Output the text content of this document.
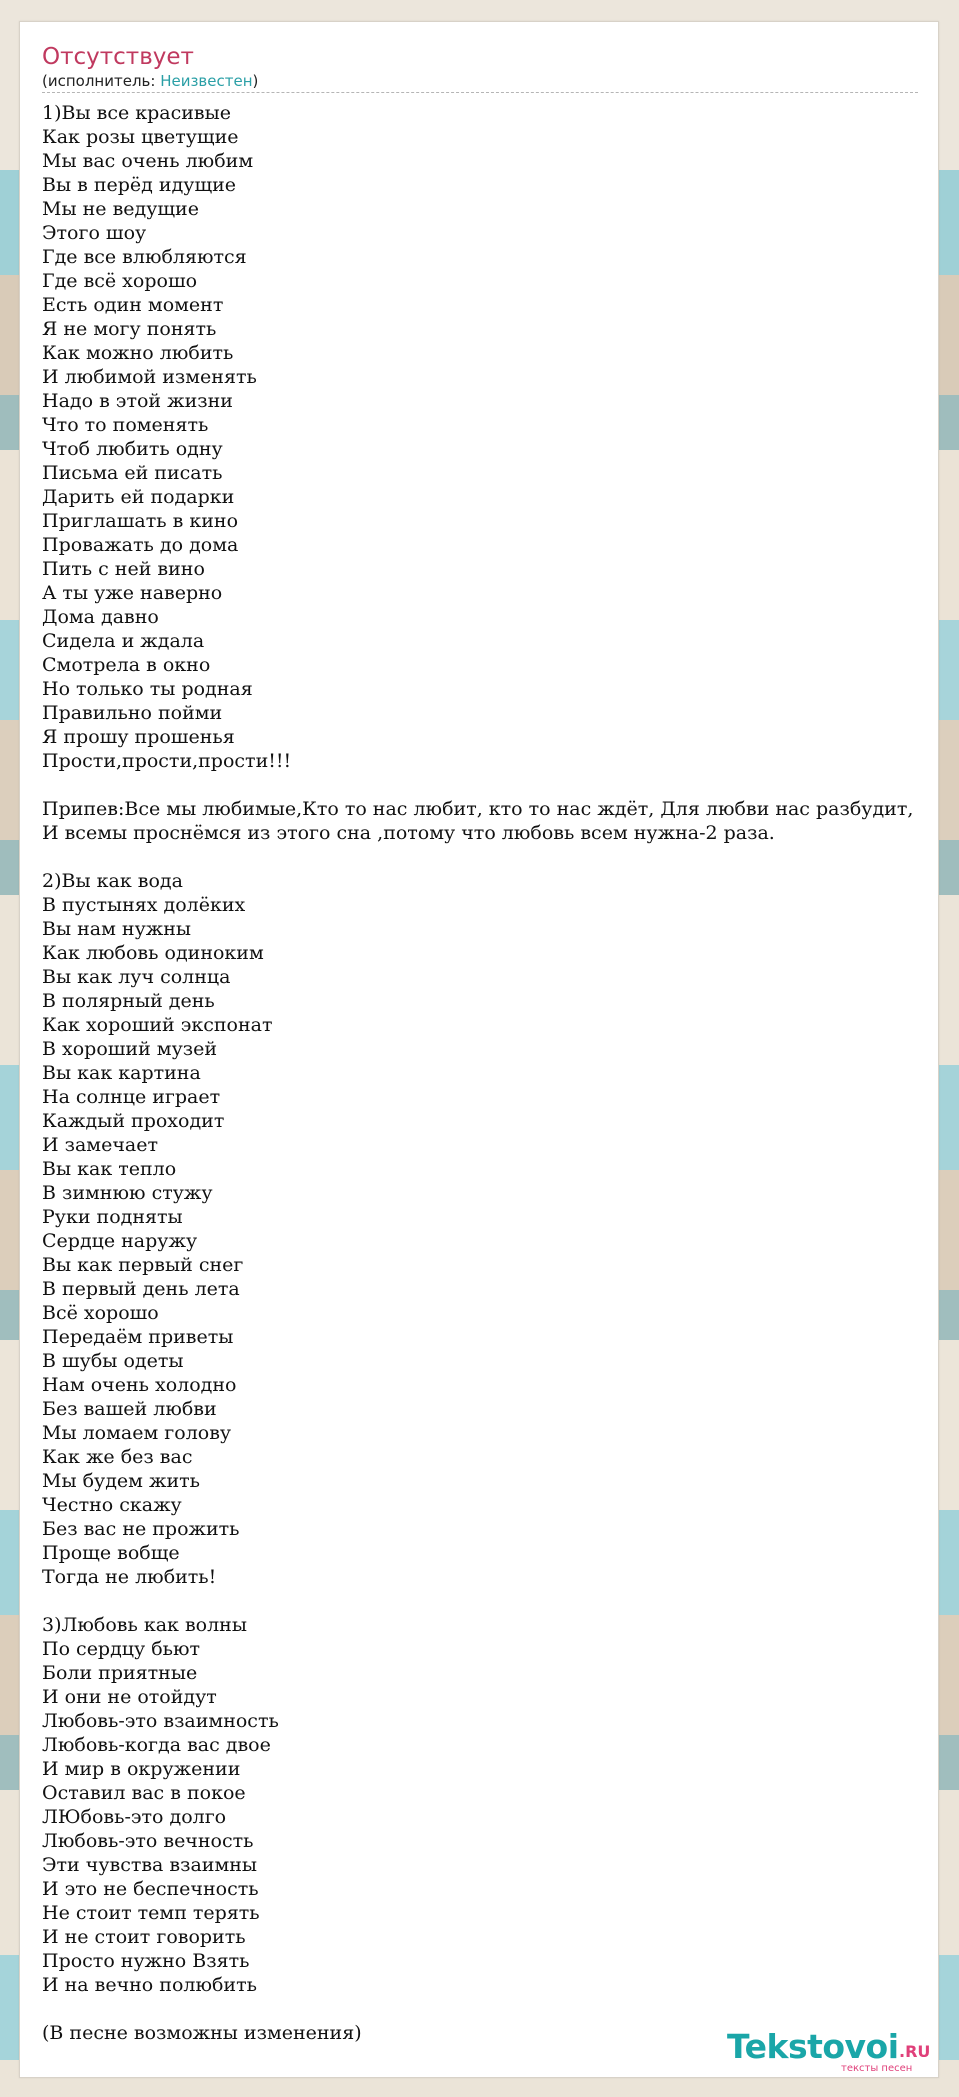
Отсутствует
(исполнитель: Неизвестен)
1)Вы все красивые
Как розы цветущие
Мы вас очень любим
Вы в перёд идущие
Мы не ведущие
Этого шоу
Где все влюбляются
Где всё хорошо
Есть один момент
Я не могу понять
Как можно любить
И любимой изменять
Надо в этой жизни
Что то поменять
Чтоб любить одну
Письма ей писать
Дарить ей подарки
Приглашать в кино
Проважать до дома
Пить с ней вино
А ты уже наверно
Дома давно
Сидела и ждала
Смотрела в окно
Но только ты родная
Правильно пойми
Я прошу прошенья
Прости,прости,прости!!!

Припев:Все мы любимые,Кто то нас любит, кто то нас ждёт, Для любви нас разбудит,
И всемы проснёмся из этого сна ,потому что любовь всем нужна-2 раза.

2)Вы как вода
В пустынях долёких
Вы нам нужны
Как любовь одиноким
Вы как луч солнца
В полярный день
Как хороший экспонат
В хороший музей
Вы как картина
На солнце играет
Каждый проходит
И замечает
Вы как тепло
В зимнюю стужу
Руки подняты
Сердце наружу
Вы как первый снег
В первый день лета
Всё хорошо
Передаём приветы
В шубы одеты
Нам очень холодно
Без вашей любви
Мы ломаем голову
Как же без вас
Мы будем жить
Честно скажу
Без вас не прожить
Проще вобще
Тогда не любить!

3)Любовь как волны
По сердцу бьют
Боли приятные
И они не отойдут
Любовь-это взаимность
Любовь-когда вас двое
И мир в окружении
Оставил вас в покое
ЛЮбовь-это долго
Любовь-это вечность
Эти чувства взаимны
И это не беспечность
Не стоит темп терять
И не стоит говорить
Просто нужно Взять
И на вечно полюбить

(В песне возможны изменения)	Tekstovoi .RU
тексты песен
